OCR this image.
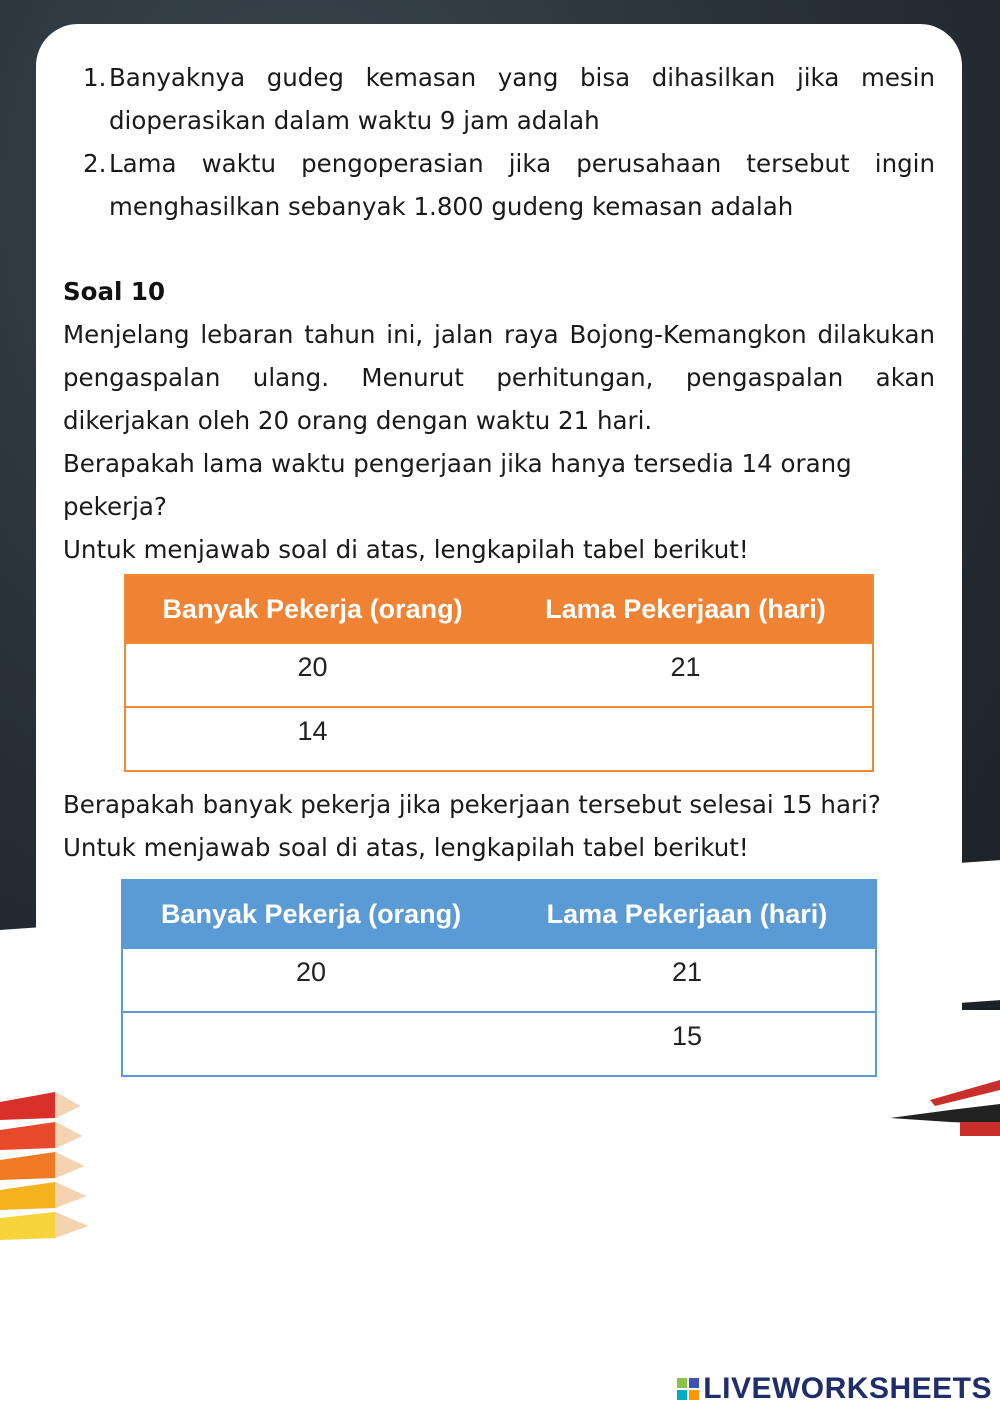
1. Banyaknya gudeg kemasan yang bisa dihasilkan jika mesin dioperasikan dalam waktu 9 jam adalah
2. Lama waktu pengoperasian jika perusahaan tersebut ingin menghasilkan sebanyak 1.800 gudeng kemasan adalah

Soal 10

Menjelang lebaran tahun ini, jalan raya Bojong-Kemangkon dilakukan pengaspalan ulang. Menurut perhitungan, pengaspalan akan dikerjakan oleh 20 orang dengan waktu 21 hari.

Berapakah lama waktu pengerjaan jika hanya tersedia 14 orang pekerja?

Untuk menjawab soal di atas, lengkapilah tabel berikut!

Banyak Pekerja (orang)	Lama Pekerjaan (hari)
20	21
14	

Berapakah banyak pekerja jika pekerjaan tersebut selesai 15 hari?

Untuk menjawab soal di atas, lengkapilah tabel berikut!

Banyak Pekerja (orang)	Lama Pekerjaan (hari)
20	21
	15
LIVEWORKSHEETS
